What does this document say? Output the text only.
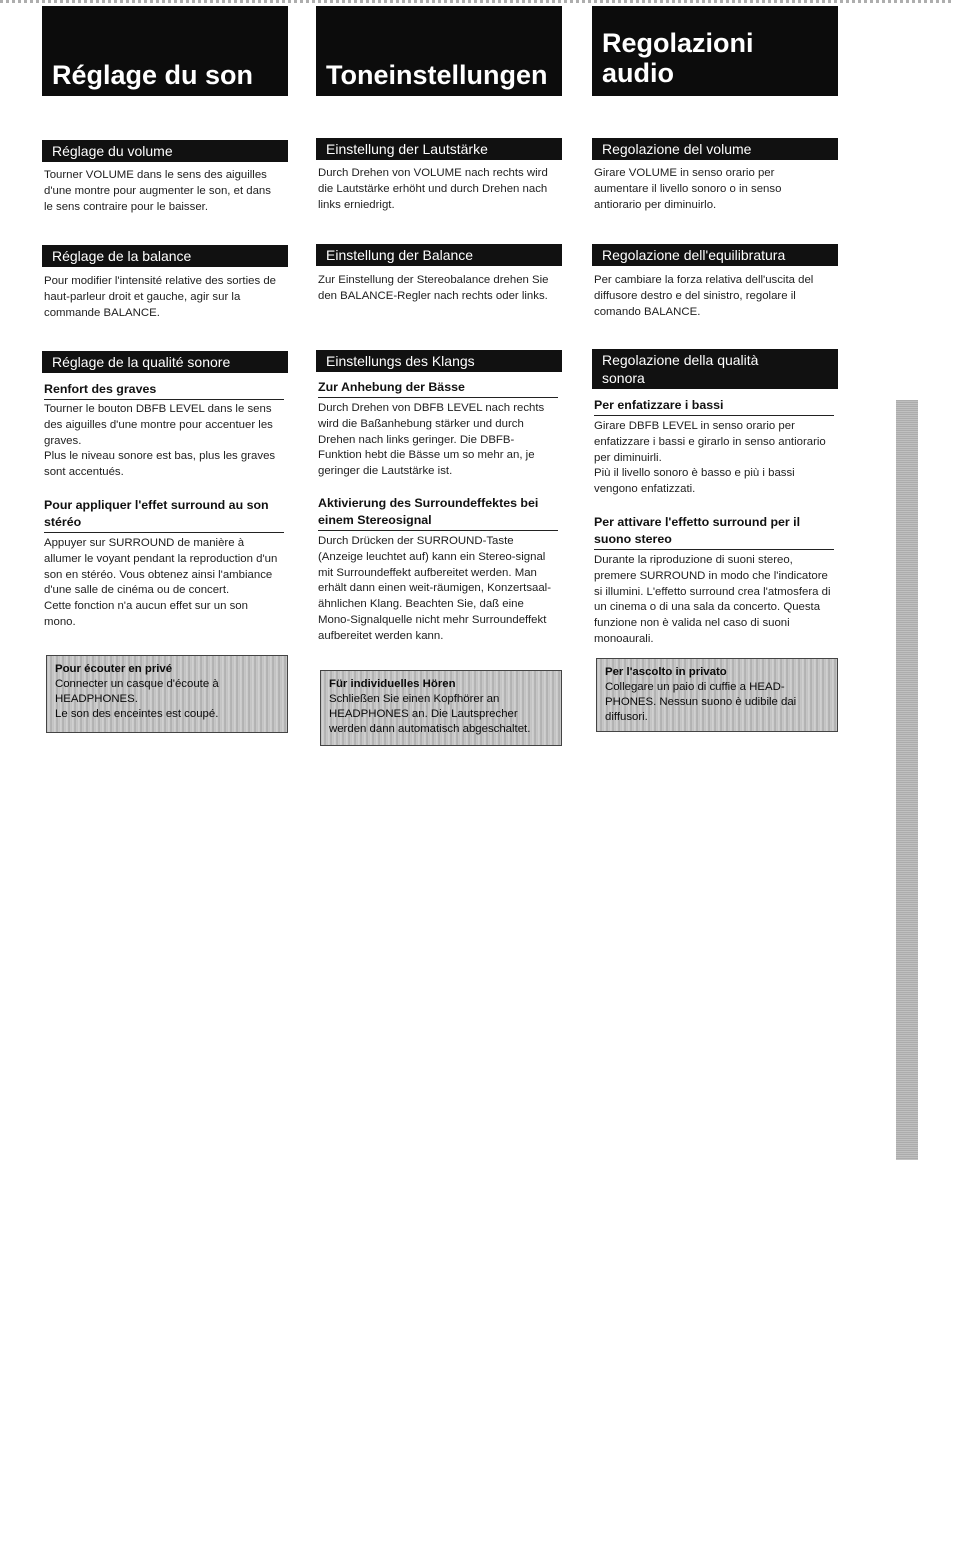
Réglage du son
Réglage du volume

Tourner VOLUME dans le sens des aiguilles d'une montre pour augmenter le son, et dans le sens contraire pour le baisser.

Réglage de la balance

Pour modifier l'intensité relative des sorties de haut-parleur droit et gauche, agir sur la commande BALANCE.

Réglage de la qualité sonore
Renfort des graves

Tourner le bouton DBFB LEVEL dans le sens des aiguilles d'une montre pour accentuer les graves.

Plus le niveau sonore est bas, plus les graves sont accentués.

Pour appliquer l'effet surround au son stéréo

Appuyer sur SURROUND de manière à allumer le voyant pendant la reproduction d'un son en stéréo. Vous obtenez ainsi l'ambiance d'une salle de cinéma ou de concert.

Cette fonction n'a aucun effet sur un son mono.

Pour écouter en privé
Connecter un casque d'écoute à HEADPHONES.
Le son des enceintes est coupé.
Toneinstellungen
Einstellung der Lautstärke

Durch Drehen von VOLUME nach rechts wird die Lautstärke erhöht und durch Drehen nach links erniedrigt.

Einstellung der Balance

Zur Einstellung der Stereobalance drehen Sie den BALANCE-Regler nach rechts oder links.

Einstellungs des Klangs
Zur Anhebung der Bässe

Durch Drehen von DBFB LEVEL nach rechts wird die Baßanhebung stärker und durch Drehen nach links geringer. Die DBFB-Funktion hebt die Bässe um so mehr an, je geringer die Lautstärke ist.

Aktivierung des Surroundeffektes bei einem Stereosignal

Durch Drücken der SURROUND-Taste (Anzeige leuchtet auf) kann ein Stereo-signal mit Surroundeffekt aufbereitet werden. Man erhält dann einen weit-räumigen, Konzertsaal-ähnlichen Klang. Beachten Sie, daß eine Mono-Signalquelle nicht mehr Surroundeffekt aufbereitet werden kann.

Für individuelles Hören
Schließen Sie einen Kopfhörer an HEADPHONES an. Die Lautsprecher werden dann automatisch abgeschaltet.
Regolazioni
audio
Regolazione del volume

Girare VOLUME in senso orario per aumentare il livello sonoro o in senso antiorario per diminuirlo.

Regolazione dell'equilibratura

Per cambiare la forza relativa dell'uscita del diffusore destro e del sinistro, regolare il comando BALANCE.

Regolazione della qualità
sonora
Per enfatizzare i bassi

Girare DBFB LEVEL in senso orario per enfatizzare i bassi e girarlo in senso antiorario per diminuirli.

Più il livello sonoro è basso e più i bassi vengono enfatizzati.

Per attivare l'effetto surround per il suono stereo

Durante la riproduzione di suoni stereo, premere SURROUND in modo che l'indicatore si illumini. L'effetto surround crea l'atmosfera di un cinema o di una sala da concerto. Questa funzione non è valida nel caso di suoni monoaurali.

Per l'ascolto in privato
Collegare un paio di cuffie a HEAD-PHONES. Nessun suono è udibile dai diffusori.
